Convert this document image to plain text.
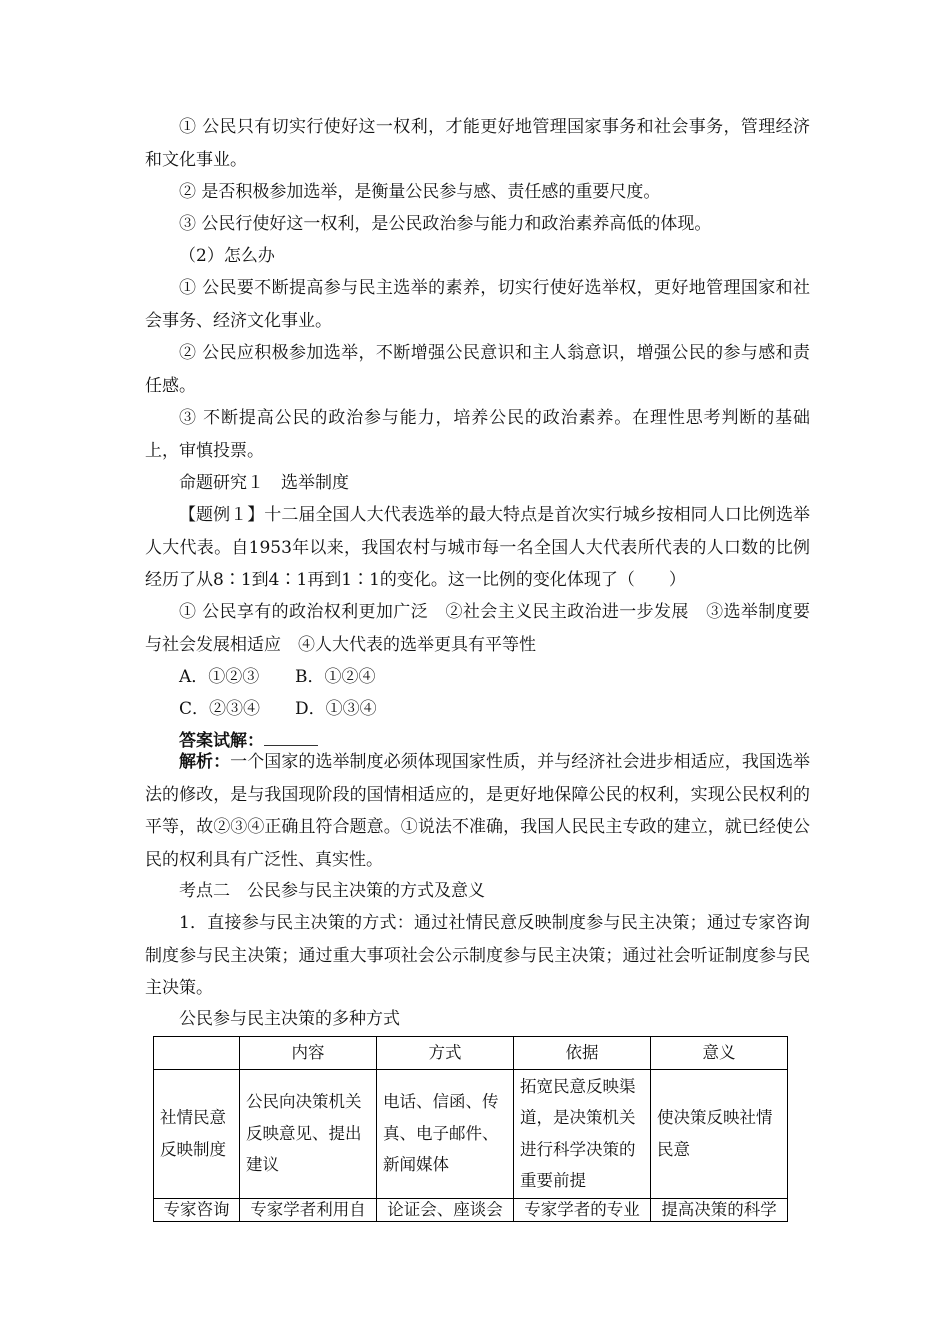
① 公民只有切实行使好这一权利，才能更好地管理国家事务和社会事务，管理经济和文化事业。

② 是否积极参加选举，是衡量公民参与感、责任感的重要尺度。

③ 公民行使好这一权利，是公民政治参与能力和政治素养高低的体现。

（2）怎么办

① 公民要不断提高参与民主选举的素养，切实行使好选举权，更好地管理国家和社会事务、经济文化事业。

② 公民应积极参加选举，不断增强公民意识和主人翁意识，增强公民的参与感和责任感。

③ 不断提高公民的政治参与能力，培养公民的政治素养。在理性思考判断的基础上，审慎投票。

命题研究１　选举制度

【题例１】十二届全国人大代表选举的最大特点是首次实行城乡按相同人口比例选举人大代表。自1953年以来，我国农村与城市每一名全国人大代表所代表的人口数的比例经历了从8∶1到4∶1再到1∶1的变化。这一比例的变化体现了（　　）

① 公民享有的政治权利更加广泛　②社会主义民主政治进一步发展　③选举制度要与社会发展相适应　④人大代表的选举更具有平等性

A．①②③ B．①②④

C．②③④ D．①③④

答案试解：

解析：一个国家的选举制度必须体现国家性质，并与经济社会进步相适应，我国选举法的修改，是与我国现阶段的国情相适应的，是更好地保障公民的权利，实现公民权利的平等，故②③④正确且符合题意。①说法不准确，我国人民民主专政的建立，就已经使公民的权利具有广泛性、真实性。

考点二　公民参与民主决策的方式及意义

1．直接参与民主决策的方式：通过社情民意反映制度参与民主决策；通过专家咨询制度参与民主决策；通过重大事项社会公示制度参与民主决策；通过社会听证制度参与民主决策。

公民参与民主决策的多种方式

	内容	方式	依据	意义
社情民意反映制度	公民向决策机关反映意见、提出建议	电话、信函、传真、电子邮件、新闻媒体	拓宽民意反映渠道，是决策机关进行科学决策的重要前提	使决策反映社情民意
专家咨询	专家学者利用自	论证会、座谈会	专家学者的专业	提高决策的科学
